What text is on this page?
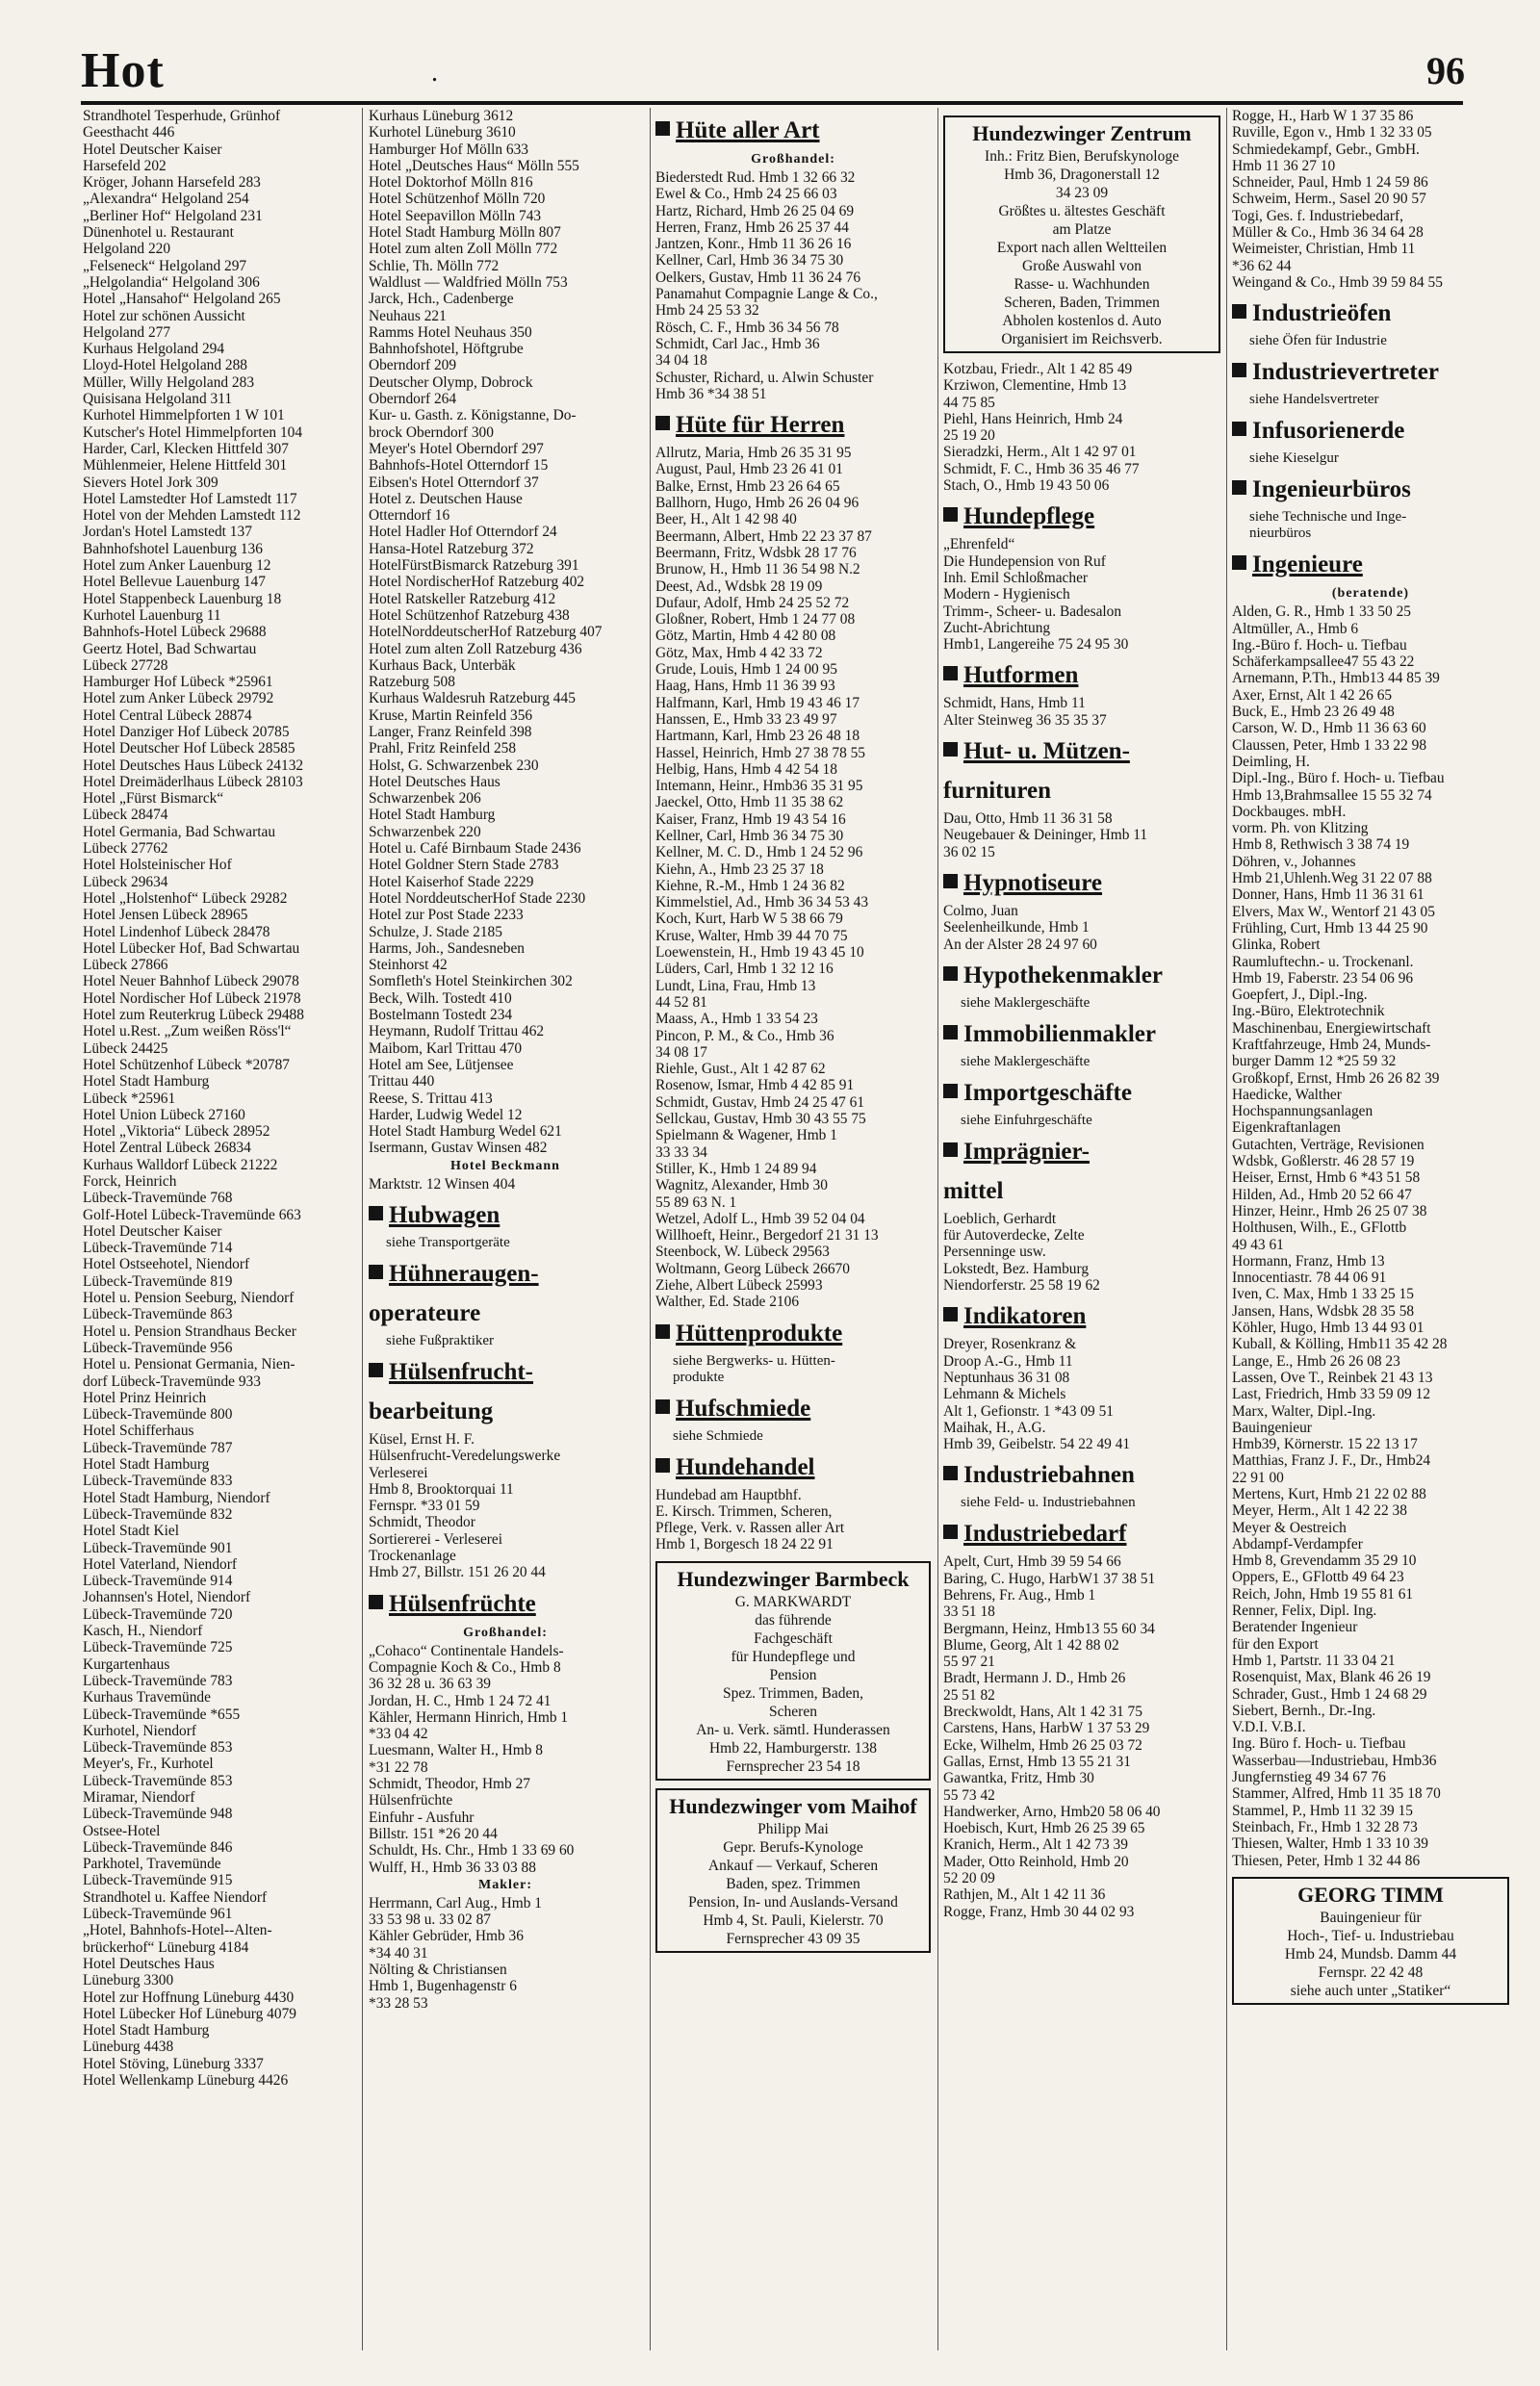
Hot	.	96
Strandhotel Tesperhude, Grünhof
Geesthacht 446
Hotel Deutscher Kaiser
Harsefeld 202
Kröger, Johann Harsefeld 283
„Alexandra“ Helgoland 254
„Berliner Hof“ Helgoland 231
Dünenhotel u. Restaurant
Helgoland 220
„Felseneck“ Helgoland 297
„Helgolandia“ Helgoland 306
Hotel „Hansahof“ Helgoland 265
Hotel zur schönen Aussicht
Helgoland 277
Kurhaus Helgoland 294
Lloyd-Hotel Helgoland 288
Müller, Willy Helgoland 283
Quisisana Helgoland 311
Kurhotel Himmelpforten 1 W 101
Kutscher's Hotel Himmelpforten 104
Harder, Carl, Klecken Hittfeld 307
Mühlenmeier, Helene Hittfeld 301
Sievers Hotel Jork 309
Hotel Lamstedter Hof Lamstedt 117
Hotel von der Mehden Lamstedt 112
Jordan's Hotel Lamstedt 137
Bahnhofshotel Lauenburg 136
Hotel zum Anker Lauenburg 12
Hotel Bellevue Lauenburg 147
Hotel Stappenbeck Lauenburg 18
Kurhotel Lauenburg 11
Bahnhofs-Hotel Lübeck 29688
Geertz Hotel, Bad Schwartau
Lübeck 27728
Hamburger Hof Lübeck *25961
Hotel zum Anker Lübeck 29792
Hotel Central Lübeck 28874
Hotel Danziger Hof Lübeck 20785
Hotel Deutscher Hof Lübeck 28585
Hotel Deutsches Haus Lübeck 24132
Hotel Dreimäderlhaus Lübeck 28103
Hotel „Fürst Bismarck“
Lübeck 28474
Hotel Germania, Bad Schwartau
Lübeck 27762
Hotel Holsteinischer Hof
Lübeck 29634
Hotel „Holstenhof“ Lübeck 29282
Hotel Jensen Lübeck 28965
Hotel Lindenhof Lübeck 28478
Hotel Lübecker Hof, Bad Schwartau
Lübeck 27866
Hotel Neuer Bahnhof Lübeck 29078
Hotel Nordischer Hof Lübeck 21978
Hotel zum Reuterkrug Lübeck 29488
Hotel u.Rest. „Zum weißen Röss'l“
Lübeck 24425
Hotel Schützenhof Lübeck *20787
Hotel Stadt Hamburg
Lübeck *25961
Hotel Union Lübeck 27160
Hotel „Viktoria“ Lübeck 28952
Hotel Zentral Lübeck 26834
Kurhaus Walldorf Lübeck 21222
Forck, Heinrich
Lübeck-Travemünde 768
Golf-Hotel Lübeck-Travemünde 663
Hotel Deutscher Kaiser
Lübeck-Travemünde 714
Hotel Ostseehotel, Niendorf
Lübeck-Travemünde 819
Hotel u. Pension Seeburg, Niendorf
Lübeck-Travemünde 863
Hotel u. Pension Strandhaus Becker
Lübeck-Travemünde 956
Hotel u. Pensionat Germania, Nien-
dorf Lübeck-Travemünde 933
Hotel Prinz Heinrich
Lübeck-Travemünde 800
Hotel Schifferhaus
Lübeck-Travemünde 787
Hotel Stadt Hamburg
Lübeck-Travemünde 833
Hotel Stadt Hamburg, Niendorf
Lübeck-Travemünde 832
Hotel Stadt Kiel
Lübeck-Travemünde 901
Hotel Vaterland, Niendorf
Lübeck-Travemünde 914
Johannsen's Hotel, Niendorf
Lübeck-Travemünde 720
Kasch, H., Niendorf
Lübeck-Travemünde 725
Kurgartenhaus
Lübeck-Travemünde 783
Kurhaus Travemünde
Lübeck-Travemünde *655
Kurhotel, Niendorf
Lübeck-Travemünde 853
Meyer's, Fr., Kurhotel
Lübeck-Travemünde 853
Miramar, Niendorf
Lübeck-Travemünde 948
Ostsee-Hotel
Lübeck-Travemünde 846
Parkhotel, Travemünde
Lübeck-Travemünde 915
Strandhotel u. Kaffee Niendorf
Lübeck-Travemünde 961
„Hotel, Bahnhofs-Hotel--Alten-
brückerhof“ Lüneburg 4184
Hotel Deutsches Haus
Lüneburg 3300
Hotel zur Hoffnung Lüneburg 4430
Hotel Lübecker Hof Lüneburg 4079
Hotel Stadt Hamburg
Lüneburg 4438
Hotel Stöving, Lüneburg 3337
Hotel Wellenkamp Lüneburg 4426
Kurhaus Lüneburg 3612
Kurhotel Lüneburg 3610
Hamburger Hof Mölln 633
Hotel „Deutsches Haus“ Mölln 555
Hotel Doktorhof Mölln 816
Hotel Schützenhof Mölln 720
Hotel Seepavillon Mölln 743
Hotel Stadt Hamburg Mölln 807
Hotel zum alten Zoll Mölln 772
Schlie, Th. Mölln 772
Waldlust — Waldfried Mölln 753
Jarck, Hch., Cadenberge
Neuhaus 221
Ramms Hotel Neuhaus 350
Bahnhofshotel, Höftgrube
Oberndorf 209
Deutscher Olymp, Dobrock
Oberndorf 264
Kur- u. Gasth. z. Königstanne, Do-
brock Oberndorf 300
Meyer's Hotel Oberndorf 297
Bahnhofs-Hotel Otterndorf 15
Eibsen's Hotel Otterndorf 37
Hotel z. Deutschen Hause
Otterndorf 16
Hotel Hadler Hof Otterndorf 24
Hansa-Hotel Ratzeburg 372
HotelFürstBismarck Ratzeburg 391
Hotel NordischerHof Ratzeburg 402
Hotel Ratskeller Ratzeburg 412
Hotel Schützenhof Ratzeburg 438
HotelNorddeutscherHof Ratzeburg 407
Hotel zum alten Zoll Ratzeburg 436
Kurhaus Back, Unterbäk
Ratzeburg 508
Kurhaus Waldesruh Ratzeburg 445
Kruse, Martin Reinfeld 356
Langer, Franz Reinfeld 398
Prahl, Fritz Reinfeld 258
Holst, G. Schwarzenbek 230
Hotel Deutsches Haus
Schwarzenbek 206
Hotel Stadt Hamburg
Schwarzenbek 220
Hotel u. Café Birnbaum Stade 2436
Hotel Goldner Stern Stade 2783
Hotel Kaiserhof Stade 2229
Hotel NorddeutscherHof Stade 2230
Hotel zur Post Stade 2233
Schulze, J. Stade 2185
Harms, Joh., Sandesneben
Steinhorst 42
Somfleth's Hotel Steinkirchen 302
Beck, Wilh. Tostedt 410
Bostelmann Tostedt 234
Heymann, Rudolf Trittau 462
Maibom, Karl Trittau 470
Hotel am See, Lütjensee
Trittau 440
Reese, S. Trittau 413
Harder, Ludwig Wedel 12
Hotel Stadt Hamburg Wedel 621
Isermann, Gustav Winsen 482
Hotel Beckmann
Marktstr. 12 Winsen 404
Hubwagen
siehe Transportgeräte
Hühneraugen-
operateure
siehe Fußpraktiker
Hülsenfrucht-
bearbeitung
Küsel, Ernst H. F.
Hülsenfrucht-Veredelungswerke
Verleserei
Hmb 8, Brooktorquai 11
Fernspr. *33 01 59
Schmidt, Theodor
Sortiererei - Verleserei
Trockenanlage
Hmb 27, Billstr. 151 26 20 44
Hülsenfrüchte
Großhandel:
„Cohaco“ Continentale Handels-
Compagnie Koch & Co., Hmb 8
36 32 28 u. 36 63 39
Jordan, H. C., Hmb 1 24 72 41
Kähler, Hermann Hinrich, Hmb 1
*33 04 42
Luesmann, Walter H., Hmb 8
*31 22 78
Schmidt, Theodor, Hmb 27
Hülsenfrüchte
Einfuhr - Ausfuhr
Billstr. 151 *26 20 44
Schuldt, Hs. Chr., Hmb 1 33 69 60
Wulff, H., Hmb 36 33 03 88
Makler:
Herrmann, Carl Aug., Hmb 1
33 53 98 u. 33 02 87
Kähler Gebrüder, Hmb 36
*34 40 31
Nölting & Christiansen
Hmb 1, Bugenhagenstr 6
*33 28 53
Hüte aller Art
Großhandel:
Biederstedt Rud. Hmb 1 32 66 32
Ewel & Co., Hmb 24 25 66 03
Hartz, Richard, Hmb 26 25 04 69
Herren, Franz, Hmb 26 25 37 44
Jantzen, Konr., Hmb 11 36 26 16
Kellner, Carl, Hmb 36 34 75 30
Oelkers, Gustav, Hmb 11 36 24 76
Panamahut Compagnie Lange & Co.,
Hmb 24 25 53 32
Rösch, C. F., Hmb 36 34 56 78
Schmidt, Carl Jac., Hmb 36
34 04 18
Schuster, Richard, u. Alwin Schuster
Hmb 36 *34 38 51
Hüte für Herren
Allrutz, Maria, Hmb 26 35 31 95
August, Paul, Hmb 23 26 41 01
Balke, Ernst, Hmb 23 26 64 65
Ballhorn, Hugo, Hmb 26 26 04 96
Beer, H., Alt 1 42 98 40
Beermann, Albert, Hmb 22 23 37 87
Beermann, Fritz, Wdsbk 28 17 76
Brunow, H., Hmb 11 36 54 98 N.2
Deest, Ad., Wdsbk 28 19 09
Dufaur, Adolf, Hmb 24 25 52 72
Gloßner, Robert, Hmb 1 24 77 08
Götz, Martin, Hmb 4 42 80 08
Götz, Max, Hmb 4 42 33 72
Grude, Louis, Hmb 1 24 00 95
Haag, Hans, Hmb 11 36 39 93
Halfmann, Karl, Hmb 19 43 46 17
Hanssen, E., Hmb 33 23 49 97
Hartmann, Karl, Hmb 23 26 48 18
Hassel, Heinrich, Hmb 27 38 78 55
Helbig, Hans, Hmb 4 42 54 18
Intemann, Heinr., Hmb36 35 31 95
Jaeckel, Otto, Hmb 11 35 38 62
Kaiser, Franz, Hmb 19 43 54 16
Kellner, Carl, Hmb 36 34 75 30
Kellner, M. C. D., Hmb 1 24 52 96
Kiehn, A., Hmb 23 25 37 18
Kiehne, R.-M., Hmb 1 24 36 82
Kimmelstiel, Ad., Hmb 36 34 53 43
Koch, Kurt, Harb W 5 38 66 79
Kruse, Walter, Hmb 39 44 70 75
Loewenstein, H., Hmb 19 43 45 10
Lüders, Carl, Hmb 1 32 12 16
Lundt, Lina, Frau, Hmb 13
44 52 81
Maass, A., Hmb 1 33 54 23
Pincon, P. M., & Co., Hmb 36
34 08 17
Riehle, Gust., Alt 1 42 87 62
Rosenow, Ismar, Hmb 4 42 85 91
Schmidt, Gustav, Hmb 24 25 47 61
Sellckau, Gustav, Hmb 30 43 55 75
Spielmann & Wagener, Hmb 1
33 33 34
Stiller, K., Hmb 1 24 89 94
Wagnitz, Alexander, Hmb 30
55 89 63 N. 1
Wetzel, Adolf L., Hmb 39 52 04 04
Willhoeft, Heinr., Bergedorf 21 31 13
Steenbock, W. Lübeck 29563
Woltmann, Georg Lübeck 26670
Ziehe, Albert Lübeck 25993
Walther, Ed. Stade 2106
Hüttenprodukte
siehe Bergwerks- u. Hütten-
produkte
Hufschmiede
siehe Schmiede
Hundehandel
Hundebad am Hauptbhf.
E. Kirsch. Trimmen, Scheren,
Pflege, Verk. v. Rassen aller Art
Hmb 1, Borgesch 18 24 22 91
Hundezwinger Barmbeck
G. MARKWARDT
das führende
Fachgeschäft
für Hundepflege und
Pension
Spez. Trimmen, Baden,
Scheren
An- u. Verk. sämtl. Hunderassen
Hmb 22, Hamburgerstr. 138
Fernsprecher 23 54 18
Hundezwinger vom Maihof
Philipp Mai
Gepr. Berufs-Kynologe
Ankauf — Verkauf, Scheren
Baden, spez. Trimmen
Pension, In- und Auslands-Versand
Hmb 4, St. Pauli, Kielerstr. 70
Fernsprecher 43 09 35
Hundezwinger Zentrum
Inh.: Fritz Bien, Berufskynologe
Hmb 36, Dragonerstall 12
34 23 09
Größtes u. ältestes Geschäft
am Platze
Export nach allen Weltteilen
Große Auswahl von
Rasse- u. Wachhunden
Scheren, Baden, Trimmen
Abholen kostenlos d. Auto
Organisiert im Reichsverb.
Kotzbau, Friedr., Alt 1 42 85 49
Krziwon, Clementine, Hmb 13
44 75 85
Piehl, Hans Heinrich, Hmb 24
25 19 20
Sieradzki, Herm., Alt 1 42 97 01
Schmidt, F. C., Hmb 36 35 46 77
Stach, O., Hmb 19 43 50 06
Hundepflege
„Ehrenfeld“
Die Hundepension von Ruf
Inh. Emil Schloßmacher
Modern - Hygienisch
Trimm-, Scheer- u. Badesalon
Zucht-Abrichtung
Hmb1, Langereihe 75 24 95 30
Hutformen
Schmidt, Hans, Hmb 11
Alter Steinweg 36 35 35 37
Hut- u. Mützen-
furnituren
Dau, Otto, Hmb 11 36 31 58
Neugebauer & Deininger, Hmb 11
36 02 15
Hypnotiseure
Colmo, Juan
Seelenheilkunde, Hmb 1
An der Alster 28 24 97 60
Hypothekenmakler
siehe Maklergeschäfte
Immobilienmakler
siehe Maklergeschäfte
Importgeschäfte
siehe Einfuhrgeschäfte
Imprägnier-
mittel
Loeblich, Gerhardt
für Autoverdecke, Zelte
Persenninge usw.
Lokstedt, Bez. Hamburg
Niendorferstr. 25 58 19 62
Indikatoren
Dreyer, Rosenkranz &
Droop A.-G., Hmb 11
Neptunhaus 36 31 08
Lehmann & Michels
Alt 1, Gefionstr. 1 *43 09 51
Maihak, H., A.G.
Hmb 39, Geibelstr. 54 22 49 41
Industriebahnen
siehe Feld- u. Industriebahnen
Industriebedarf
Apelt, Curt, Hmb 39 59 54 66
Baring, C. Hugo, HarbW1 37 38 51
Behrens, Fr. Aug., Hmb 1
33 51 18
Bergmann, Heinz, Hmb13 55 60 34
Blume, Georg, Alt 1 42 88 02
55 97 21
Bradt, Hermann J. D., Hmb 26
25 51 82
Breckwoldt, Hans, Alt 1 42 31 75
Carstens, Hans, HarbW 1 37 53 29
Ecke, Wilhelm, Hmb 26 25 03 72
Gallas, Ernst, Hmb 13 55 21 31
Gawantka, Fritz, Hmb 30
55 73 42
Handwerker, Arno, Hmb20 58 06 40
Hoebisch, Kurt, Hmb 26 25 39 65
Kranich, Herm., Alt 1 42 73 39
Mader, Otto Reinhold, Hmb 20
52 20 09
Rathjen, M., Alt 1 42 11 36
Rogge, Franz, Hmb 30 44 02 93
Rogge, H., Harb W 1 37 35 86
Ruville, Egon v., Hmb 1 32 33 05
Schmiedekampf, Gebr., GmbH.
Hmb 11 36 27 10
Schneider, Paul, Hmb 1 24 59 86
Schweim, Herm., Sasel 20 90 57
Togi, Ges. f. Industriebedarf,
Müller & Co., Hmb 36 34 64 28
Weimeister, Christian, Hmb 11
*36 62 44
Weingand & Co., Hmb 39 59 84 55
Industrieöfen
siehe Öfen für Industrie
Industrievertreter
siehe Handelsvertreter
Infusorienerde
siehe Kieselgur
Ingenieurbüros
siehe Technische und Inge-
nieurbüros
Ingenieure
(beratende)
Alden, G. R., Hmb 1 33 50 25
Altmüller, A., Hmb 6
Ing.-Büro f. Hoch- u. Tiefbau
Schäferkampsallee47 55 43 22
Arnemann, P.Th., Hmb13 44 85 39
Axer, Ernst, Alt 1 42 26 65
Buck, E., Hmb 23 26 49 48
Carson, W. D., Hmb 11 36 63 60
Claussen, Peter, Hmb 1 33 22 98
Deimling, H.
Dipl.-Ing., Büro f. Hoch- u. Tiefbau
Hmb 13,Brahmsallee 15 55 32 74
Dockbauges. mbH.
vorm. Ph. von Klitzing
Hmb 8, Rethwisch 3 38 74 19
Döhren, v., Johannes
Hmb 21,Uhlenh.Weg 31 22 07 88
Donner, Hans, Hmb 11 36 31 61
Elvers, Max W., Wentorf 21 43 05
Frühling, Curt, Hmb 13 44 25 90
Glinka, Robert
Raumluftechn.- u. Trockenanl.
Hmb 19, Faberstr. 23 54 06 96
Goepfert, J., Dipl.-Ing.
Ing.-Büro, Elektrotechnik
Maschinenbau, Energiewirtschaft
Kraftfahrzeuge, Hmb 24, Munds-
burger Damm 12 *25 59 32
Großkopf, Ernst, Hmb 26 26 82 39
Haedicke, Walther
Hochspannungsanlagen
Eigenkraftanlagen
Gutachten, Verträge, Revisionen
Wdsbk, Goßlerstr. 46 28 57 19
Heiser, Ernst, Hmb 6 *43 51 58
Hilden, Ad., Hmb 20 52 66 47
Hinzer, Heinr., Hmb 26 25 07 38
Holthusen, Wilh., E., GFlottb
49 43 61
Hormann, Franz, Hmb 13
Innocentiastr. 78 44 06 91
Iven, C. Max, Hmb 1 33 25 15
Jansen, Hans, Wdsbk 28 35 58
Köhler, Hugo, Hmb 13 44 93 01
Kuball, & Kölling, Hmb11 35 42 28
Lange, E., Hmb 26 26 08 23
Lassen, Ove T., Reinbek 21 43 13
Last, Friedrich, Hmb 33 59 09 12
Marx, Walter, Dipl.-Ing.
Bauingenieur
Hmb39, Körnerstr. 15 22 13 17
Matthias, Franz J. F., Dr., Hmb24
22 91 00
Mertens, Kurt, Hmb 21 22 02 88
Meyer, Herm., Alt 1 42 22 38
Meyer & Oestreich
Abdampf-Verdampfer
Hmb 8, Grevendamm 35 29 10
Oppers, E., GFlottb 49 64 23
Reich, John, Hmb 19 55 81 61
Renner, Felix, Dipl. Ing.
Beratender Ingenieur
für den Export
Hmb 1, Partstr. 11 33 04 21
Rosenquist, Max, Blank 46 26 19
Schrader, Gust., Hmb 1 24 68 29
Siebert, Bernh., Dr.-Ing.
V.D.I. V.B.I.
Ing. Büro f. Hoch- u. Tiefbau
Wasserbau—Industriebau, Hmb36
Jungfernstieg 49 34 67 76
Stammer, Alfred, Hmb 11 35 18 70
Stammel, P., Hmb 11 32 39 15
Steinbach, Fr., Hmb 1 32 28 73
Thiesen, Walter, Hmb 1 33 10 39
Thiesen, Peter, Hmb 1 32 44 86
GEORG TIMM
Bauingenieur für
Hoch-, Tief- u. Industriebau
Hmb 24, Mundsb. Damm 44
Fernspr. 22 42 48
siehe auch unter „Statiker“
